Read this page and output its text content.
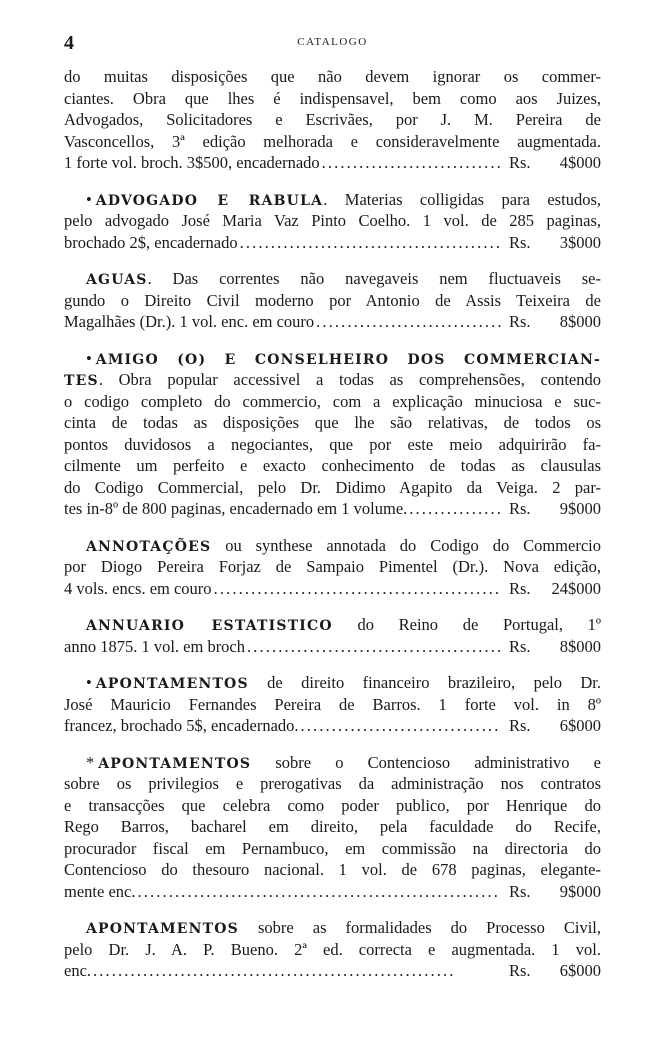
4	CATALOGO
do muitas disposições que não devem ignorar os commer-
ciantes. Obra que lhes é indispensavel, bem como aos Juizes,
Advogados, Solicitadores e Escrivães, por J. M. Pereira de
Vasconcellos, 3ª edição melhorada e consideravelmente augmentada.
1 forte vol. broch. 3$500, encadernado . . .	Rs. 4$000
• ADVOGADO E RABULA. Materias colligidas para estudos,
pelo advogado José Maria Vaz Pinto Coelho. 1 vol. de 285 paginas,
brochado 2$, encadernado . . .	Rs. 3$000
AGUAS. Das correntes não navegaveis nem fluctuaveis se-
gundo o Direito Civil moderno por Antonio de Assis Teixeira de
Magalhães (Dr.). 1 vol. enc. em couro . . .	Rs. 8$000
• AMIGO (O) E CONSELHEIRO DOS COMMERCIAN-
TES. Obra popular accessivel a todas as comprehensões, contendo
o codigo completo do commercio, com a explicação minuciosa e suc-
cinta de todas as disposições que lhe são relativas, de todos os
pontos duvidosos a negociantes, que por este meio adquirirão fa-
cilmente um perfeito e exacto conhecimento de todas as clausulas
do Codigo Commercial, pelo Dr. Didimo Agapito da Veiga. 2 par-
tes in-8º de 800 paginas, encadernado em 1 volume. . . .	Rs. 9$000
ANNOTAÇÕES ou synthese annotada do Codigo do Commercio
por Diogo Pereira Forjaz de Sampaio Pimentel (Dr.). Nova edição,
4 vols. encs. em couro . . .	Rs. 24$000
ANNUARIO ESTATISTICO do Reino de Portugal, 1º
anno 1875. 1 vol. em broch . . .	Rs. 8$000
• APONTAMENTOS de direito financeiro brazileiro, pelo Dr.
José Mauricio Fernandes Pereira de Barros. 1 forte vol. in 8º
francez, brochado 5$, encadernado. . . .	Rs. 6$000
* APONTAMENTOS sobre o Contencioso administrativo e
sobre os privilegios e prerogativas da administração nos contratos
e transacções que celebra como poder publico, por Henrique do
Rego Barros, bacharel em direito, pela faculdade do Recife,
procurador fiscal em Pernambuco, em commissão na directoria do
Contencioso do thesouro nacional. 1 vol. de 678 paginas, elegante-
mente enc. . . .	Rs. 9$000
APONTAMENTOS sobre as formalidades do Processo Civil,
pelo Dr. J. A. P. Bueno. 2ª ed. correcta e augmentada. 1 vol.
enc. . . .	Rs. 6$000
